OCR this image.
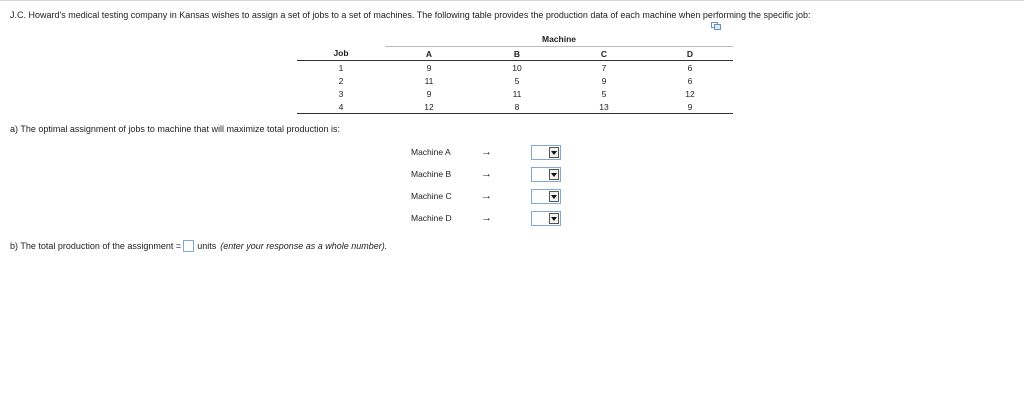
J.C. Howard's medical testing company in Kansas wishes to assign a set of jobs to a set of machines. The following table provides the production data of each machine when performing the specific job:
	Machine			
Job	A	B	C	D
1	9	10	7	6
2	11	5	9	6
3	9	11	5	12
4	12	8	13	9
a) The optimal assignment of jobs to machine that will maximize total production is:
Machine A	→
Machine B	→
Machine C	→
Machine D	→
b) The total production of the assignment = units (enter your response as a whole number).
